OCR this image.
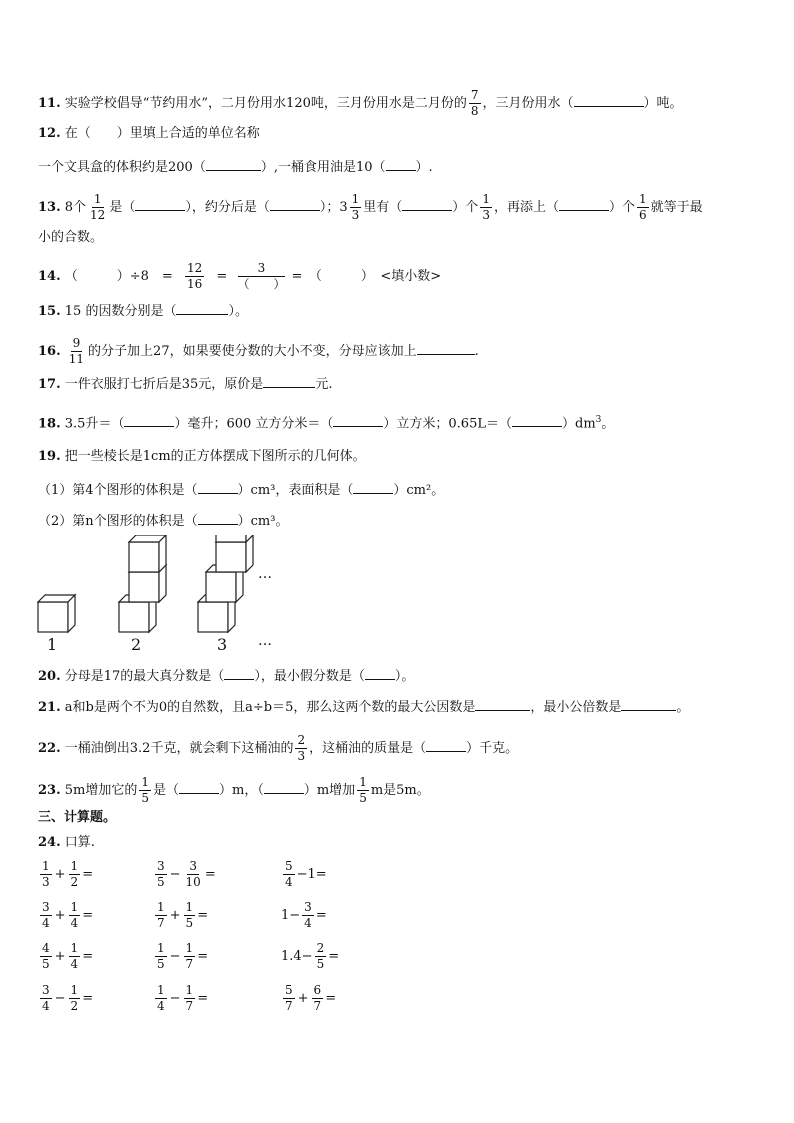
11. 实验学校倡导“节约用水”，二月份用水120吨，三月份用水是二月份的 $\frac{7}{8}$ ，三月份用水（	）吨。
12. 在（　　）里填上合适的单位名称
一个文具盒的体积约是200（	）,一桶食用油是10（ ）.
13. 8个 $\frac{1}{12}$ 是（	），约分后是（	）；$3 \frac{1}{3}$ 里有（	）个 $\frac{1}{3}$ ，再添上（	）个 $\frac{1}{6}$ 就等于最
小的合数。
14. （　　　）÷8　= $\frac{12}{16} = \frac{3}{( )}$ =　（　　　）　<填小数>
15. 15 的因数分别是（	）。
16. $\frac{9}{11}$ 的分子加上27，如果要使分数的大小不变，分母应该加上	.
17. 一件衣服打七折后是35元，原价是	元.
18. 3.5升＝（	）毫升；600 立方分米＝（	）立方米；0.65L＝（	）$dm^3$。
19. 把一些棱长是1cm的正方体摆成下图所示的几何体。
（1）第4个图形的体积是（	）cm³，表面积是（	）cm²。
（2）第n个图形的体积是（	）cm³。
1	2	3
…
…
20. 分母是17的最大真分数是（ ），最小假分数是（ ）。
21. a和b是两个不为0的自然数，且a÷b＝5，那么这两个数的最大公因数是	，最小公倍数是	。
22. 一桶油倒出3.2千克，就会剩下这桶油的 $\frac{2}{3}$ ，这桶油的质量是（	）千克。
23. 5m增加它的 $\frac{1}{5}$ 是（	）m，（	）m增加 $\frac{1}{5}$ m是5m。
三、计算题。
24. 口算.
$\frac{1}{3} + \frac{1}{2}$ =	$\frac{3}{5} - \frac{3}{10}$ =	$\frac{5}{4} -1=$
$\frac{3}{4} + \frac{1}{4}$ =	$\frac{1}{7} + \frac{1}{5}$ =	$1- \frac{3}{4}$ =
$\frac{4}{5} + \frac{1}{4}$ =	$\frac{1}{5} - \frac{1}{7}$ =	$1.4- \frac{2}{5}$ =
$\frac{3}{4} - \frac{1}{2}$ =	$\frac{1}{4} - \frac{1}{7}$ =	$\frac{5}{7} + \frac{6}{7}$ =
